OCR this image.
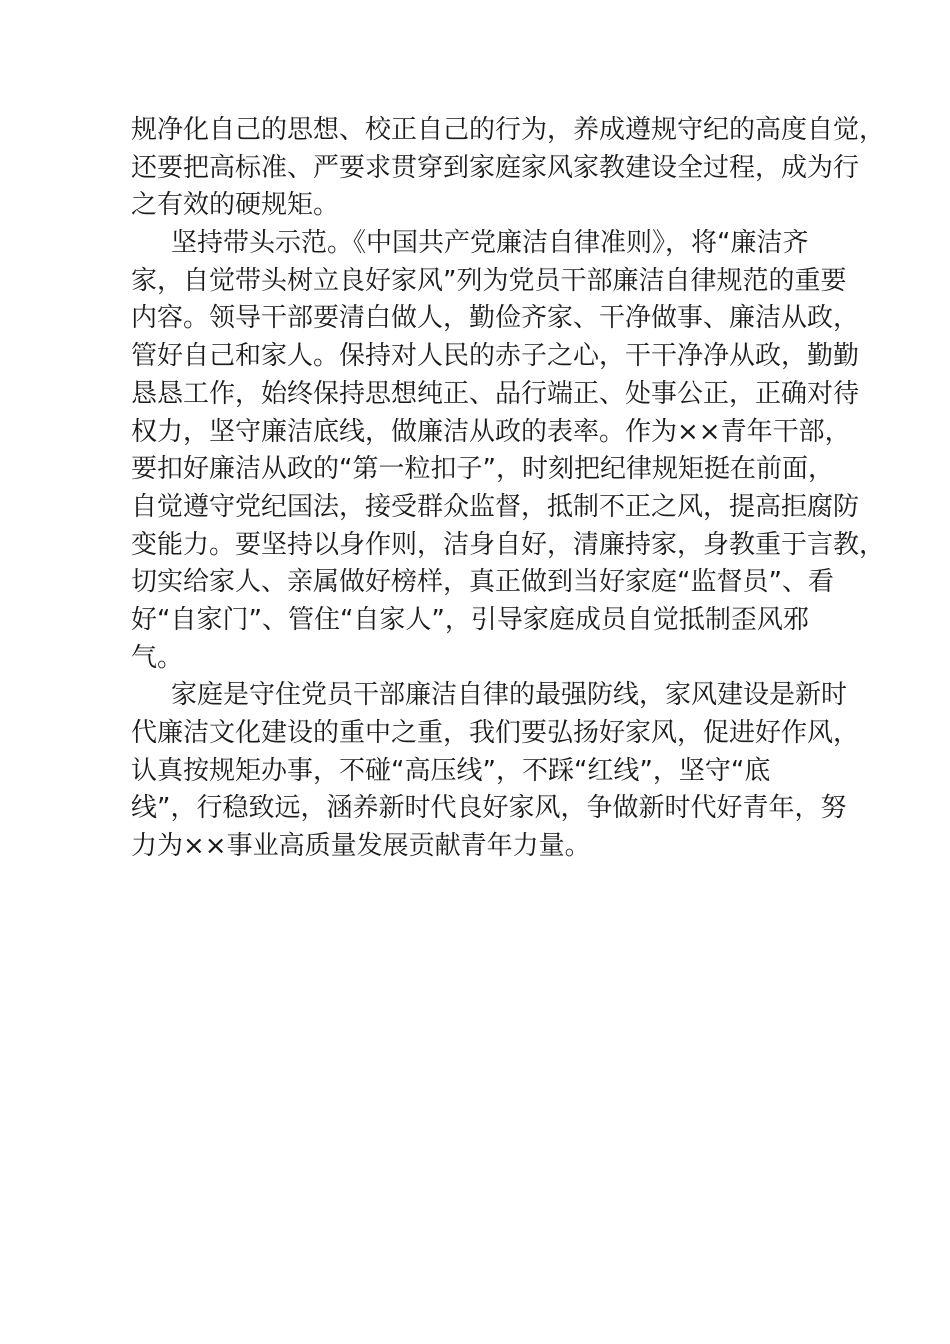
规净化自己的思想、校正自己的行为，养成遵规守纪的高度自觉，
还要把高标准、严要求贯穿到家庭家风家教建设全过程，成为行
之有效的硬规矩。
坚持带头示范。《中国共产党廉洁自律准则》，将“廉洁齐
家，自觉带头树立良好家风”列为党员干部廉洁自律规范的重要
内容。领导干部要清白做人，勤俭齐家、干净做事、廉洁从政，
管好自己和家人。保持对人民的赤子之心，干干净净从政，勤勤
恳恳工作，始终保持思想纯正、品行端正、处事公正，正确对待
权力，坚守廉洁底线，做廉洁从政的表率。作为××青年干部，
要扣好廉洁从政的“第一粒扣子”，时刻把纪律规矩挺在前面，
自觉遵守党纪国法，接受群众监督，抵制不正之风，提高拒腐防
变能力。要坚持以身作则，洁身自好，清廉持家，身教重于言教，
切实给家人、亲属做好榜样，真正做到当好家庭“监督员”、看
好“自家门”、管住“自家人”，引导家庭成员自觉抵制歪风邪
气。
家庭是守住党员干部廉洁自律的最强防线，家风建设是新时
代廉洁文化建设的重中之重，我们要弘扬好家风，促进好作风，
认真按规矩办事，不碰“高压线”，不踩“红线”，坚守“底
线”，行稳致远，涵养新时代良好家风，争做新时代好青年，努
力为××事业高质量发展贡献青年力量。
